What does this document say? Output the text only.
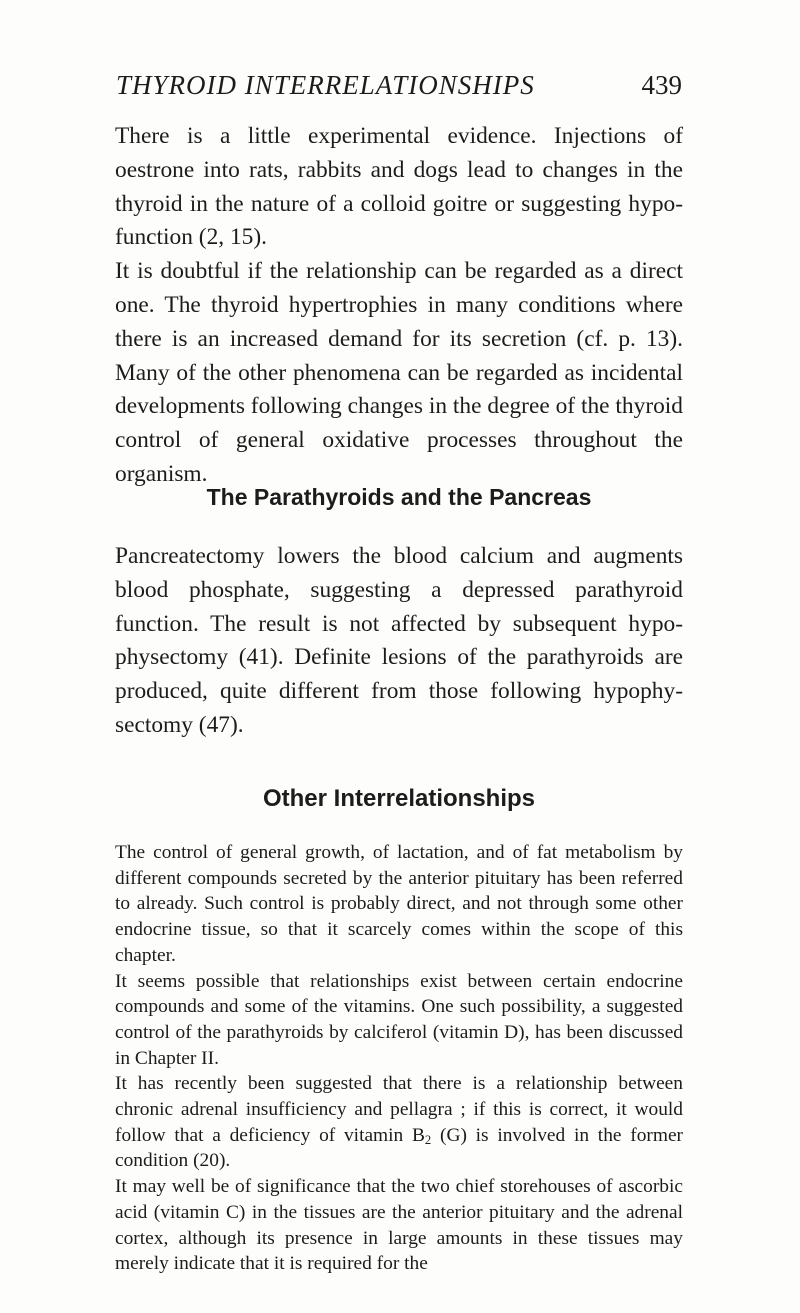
THYROID INTERRELATIONSHIPS	439

There is a little experimental evidence. Injections of oestrone into rats, rabbits and dogs lead to changes in the thyroid in the nature of a colloid goitre or suggesting hypo-function (2, 15).

It is doubtful if the relationship can be regarded as a direct one. The thyroid hypertrophies in many conditions where there is an increased demand for its secretion (cf. p. 13). Many of the other phenomena can be regarded as incidental developments following changes in the degree of the thyroid control of general oxidative processes throughout the organism.

The Parathyroids and the Pancreas

Pancreatectomy lowers the blood calcium and augments blood phosphate, suggesting a depressed parathyroid function. The result is not affected by subsequent hypo-physectomy (41). Definite lesions of the parathyroids are produced, quite different from those following hypophy-sectomy (47).

Other Interrelationships

The control of general growth, of lactation, and of fat metabolism by different compounds secreted by the anterior pituitary has been referred to already. Such control is probably direct, and not through some other endocrine tissue, so that it scarcely comes within the scope of this chapter.

It seems possible that relationships exist between certain endocrine compounds and some of the vitamins. One such possibility, a suggested control of the parathyroids by calciferol (vitamin D), has been discussed in Chapter II.

It has recently been suggested that there is a relationship between chronic adrenal insufficiency and pellagra ; if this is correct, it would follow that a deficiency of vitamin $B_2$ (G) is involved in the former condition (20).

It may well be of significance that the two chief storehouses of ascorbic acid (vitamin C) in the tissues are the anterior pituitary and the adrenal cortex, although its presence in large amounts in these tissues may merely indicate that it is required for the
